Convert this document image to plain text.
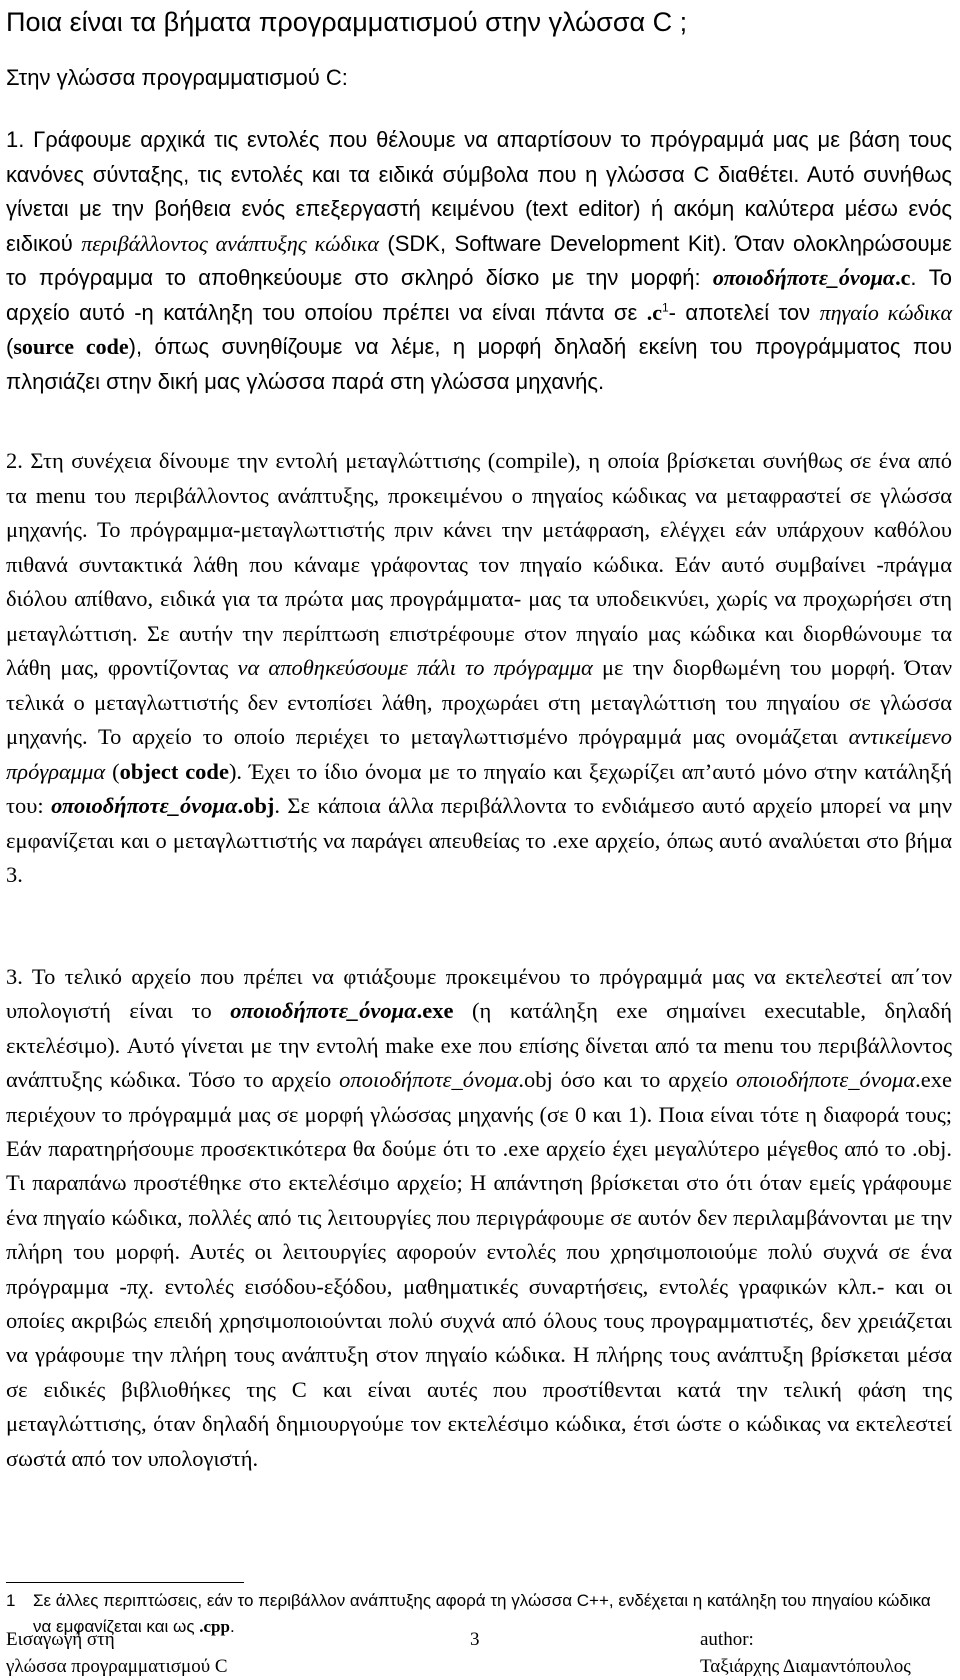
Ποια είναι τα βήματα προγραμματισμού στην γλώσσα C ;
Στην γλώσσα προγραμματισμού C:
1. Γράφουμε αρχικά τις εντολές που θέλουμε να απαρτίσουν το πρόγραμμά μας με βάση τους κανόνες σύνταξης, τις εντολές και τα ειδικά σύμβολα που η γλώσσα C διαθέτει. Αυτό συνήθως γίνεται με την βοήθεια ενός επεξεργαστή κειμένου (text editor) ή ακόμη καλύτερα μέσω ενός ειδικού περιβάλλοντος ανάπτυξης κώδικα (SDK, Software Development Kit). Όταν ολοκληρώσουμε το πρόγραμμα το αποθηκεύουμε στο σκληρό δίσκο με την μορφή: οποιοδήποτε_όνομα.c. Το αρχείο αυτό -η κατάληξη του οποίου πρέπει να είναι πάντα σε $.c^1-$ αποτελεί τον πηγαίο κώδικα (source code), όπως συνηθίζουμε να λέμε, η μορφή δηλαδή εκείνη του προγράμματος που πλησιάζει στην δική μας γλώσσα παρά στη γλώσσα μηχανής.
2. Στη συνέχεια δίνουμε την εντολή μεταγλώττισης (compile), η οποία βρίσκεται συνήθως σε ένα από τα menu του περιβάλλοντος ανάπτυξης, προκειμένου ο πηγαίος κώδικας να μεταφραστεί σε γλώσσα μηχανής. Το πρόγραμμα-μεταγλωττιστής πριν κάνει την μετάφραση, ελέγχει εάν υπάρχουν καθόλου πιθανά συντακτικά λάθη που κάναμε γράφοντας τον πηγαίο κώδικα. Εάν αυτό συμβαίνει -πράγμα διόλου απίθανο, ειδικά για τα πρώτα μας προγράμματα- μας τα υποδεικνύει, χωρίς να προχωρήσει στη μεταγλώττιση. Σε αυτήν την περίπτωση επιστρέφουμε στον πηγαίο μας κώδικα και διορθώνουμε τα λάθη μας, φροντίζοντας να αποθηκεύσουμε πάλι το πρόγραμμα με την διορθωμένη του μορφή. Όταν τελικά ο μεταγλωττιστής δεν εντοπίσει λάθη, προχωράει στη μεταγλώττιση του πηγαίου σε γλώσσα μηχανής. Το αρχείο το οποίο περιέχει το μεταγλωττισμένο πρόγραμμά μας ονομάζεται αντικείμενο πρόγραμμα (object code). Έχει το ίδιο όνομα με το πηγαίο και ξεχωρίζει απ’αυτό μόνο στην κατάληξή του: οποιοδήποτε_όνομα.obj. Σε κάποια άλλα περιβάλλοντα το ενδιάμεσο αυτό αρχείο μπορεί να μην εμφανίζεται και ο μεταγλωττιστής να παράγει απευθείας το .exe αρχείο, όπως αυτό αναλύεται στο βήμα 3.
3. Το τελικό αρχείο που πρέπει να φτιάξουμε προκειμένου το πρόγραμμά μας να εκτελεστεί απ΄τον υπολογιστή είναι το οποιοδήποτε_όνομα.exe (η κατάληξη exe σημαίνει executable, δηλαδή εκτελέσιμο). Αυτό γίνεται με την εντολή make exe που επίσης δίνεται από τα menu του περιβάλλοντος ανάπτυξης κώδικα. Τόσο το αρχείο οποιοδήποτε_όνομα.obj όσο και το αρχείο οποιοδήποτε_όνομα.exe περιέχουν το πρόγραμμά μας σε μορφή γλώσσας μηχανής (σε 0 και 1). Ποια είναι τότε η διαφορά τους; Εάν παρατηρήσουμε προσεκτικότερα θα δούμε ότι το .exe αρχείο έχει μεγαλύτερο μέγεθος από το .obj. Τι παραπάνω προστέθηκε στο εκτελέσιμο αρχείο; Η απάντηση βρίσκεται στο ότι όταν εμείς γράφουμε ένα πηγαίο κώδικα, πολλές από τις λειτουργίες που περιγράφουμε σε αυτόν δεν περιλαμβάνονται με την πλήρη του μορφή. Αυτές οι λειτουργίες αφορούν εντολές που χρησιμοποιούμε πολύ συχνά σε ένα πρόγραμμα -πχ. εντολές εισόδου-εξόδου, μαθηματικές συναρτήσεις, εντολές γραφικών κλπ.- και οι οποίες ακριβώς επειδή χρησιμοποιούνται πολύ συχνά από όλους τους προγραμματιστές, δεν χρειάζεται να γράφουμε την πλήρη τους ανάπτυξη στον πηγαίο κώδικα. Η πλήρης τους ανάπτυξη βρίσκεται μέσα σε ειδικές βιβλιοθήκες της C και είναι αυτές που προστίθενται κατά την τελική φάση της μεταγλώττισης, όταν δηλαδή δημιουργούμε τον εκτελέσιμο κώδικα, έτσι ώστε ο κώδικας να εκτελεστεί σωστά από τον υπολογιστή.
1 Σε άλλες περιπτώσεις, εάν το περιβάλλον ανάπτυξης αφορά τη γλώσσα C++, ενδέχεται η κατάληξη του πηγαίου κώδικα να εμφανίζεται και ως .cpp.
Εισαγωγή στη
γλώσσα προγραμματισμού C
3	author:
Ταξιάρχης Διαμαντόπουλος
